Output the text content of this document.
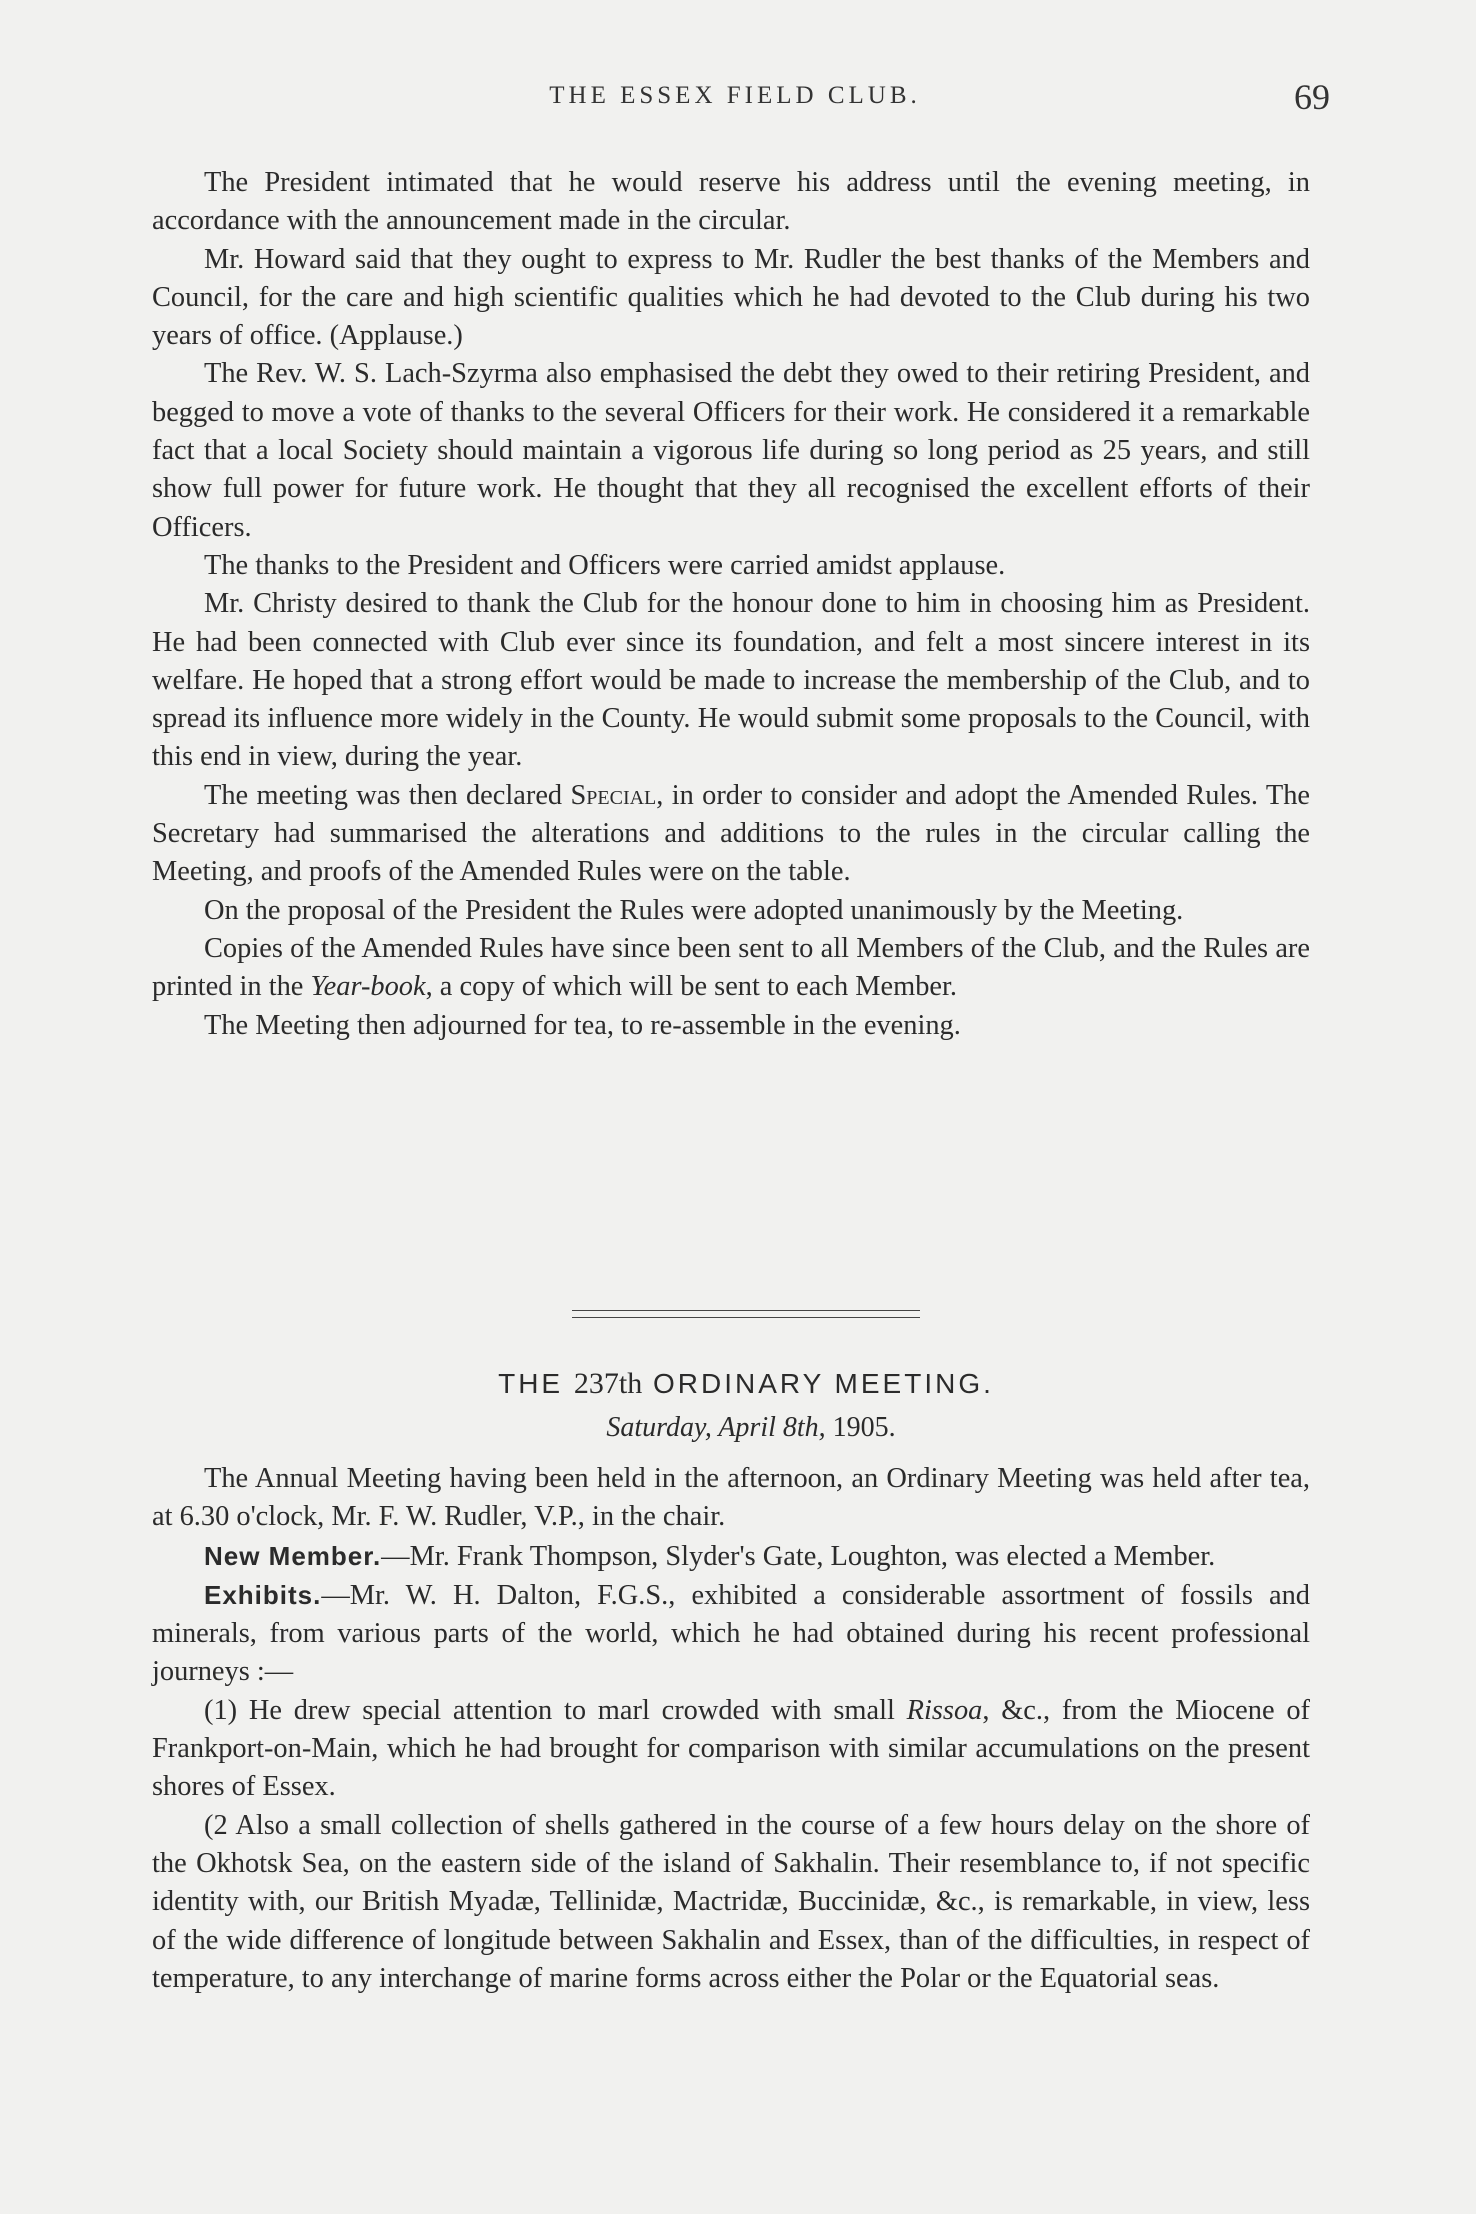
THE ESSEX FIELD CLUB.	69

The President intimated that he would reserve his address until the evening meeting, in accordance with the announcement made in the circular.

Mr. Howard said that they ought to express to Mr. Rudler the best thanks of the Members and Council, for the care and high scientific qualities which he had devoted to the Club during his two years of office. (Applause.)

The Rev. W. S. Lach-Szyrma also emphasised the debt they owed to their retiring President, and begged to move a vote of thanks to the several Officers for their work. He considered it a remarkable fact that a local Society should maintain a vigorous life during so long period as 25 years, and still show full power for future work. He thought that they all recognised the excellent efforts of their Officers.

The thanks to the President and Officers were carried amidst applause.

Mr. Christy desired to thank the Club for the honour done to him in choosing him as President. He had been connected with Club ever since its foundation, and felt a most sincere interest in its welfare. He hoped that a strong effort would be made to increase the membership of the Club, and to spread its influence more widely in the County. He would submit some proposals to the Council, with this end in view, during the year.

The meeting was then declared Special, in order to consider and adopt the Amended Rules. The Secretary had summarised the alterations and additions to the rules in the circular calling the Meeting, and proofs of the Amended Rules were on the table.

On the proposal of the President the Rules were adopted unanimously by the Meeting.

Copies of the Amended Rules have since been sent to all Members of the Club, and the Rules are printed in the Year-book, a copy of which will be sent to each Member.

The Meeting then adjourned for tea, to re-assemble in the evening.

THE 237th ORDINARY MEETING.
Saturday, April 8th, 1905.

The Annual Meeting having been held in the afternoon, an Ordinary Meeting was held after tea, at 6.30 o'clock, Mr. F. W. Rudler, V.P., in the chair.

New Member.—Mr. Frank Thompson, Slyder's Gate, Loughton, was elected a Member.

Exhibits.—Mr. W. H. Dalton, F.G.S., exhibited a considerable assortment of fossils and minerals, from various parts of the world, which he had obtained during his recent professional journeys :—

(1) He drew special attention to marl crowded with small Rissoa, &c., from the Miocene of Frankport-on-Main, which he had brought for comparison with similar accumulations on the present shores of Essex.

(2 Also a small collection of shells gathered in the course of a few hours delay on the shore of the Okhotsk Sea, on the eastern side of the island of Sakhalin. Their resemblance to, if not specific identity with, our British Myadæ, Tellinidæ, Mactridæ, Buccinidæ, &c., is remarkable, in view, less of the wide difference of longitude between Sakhalin and Essex, than of the difficulties, in respect of temperature, to any interchange of marine forms across either the Polar or the Equatorial seas.
